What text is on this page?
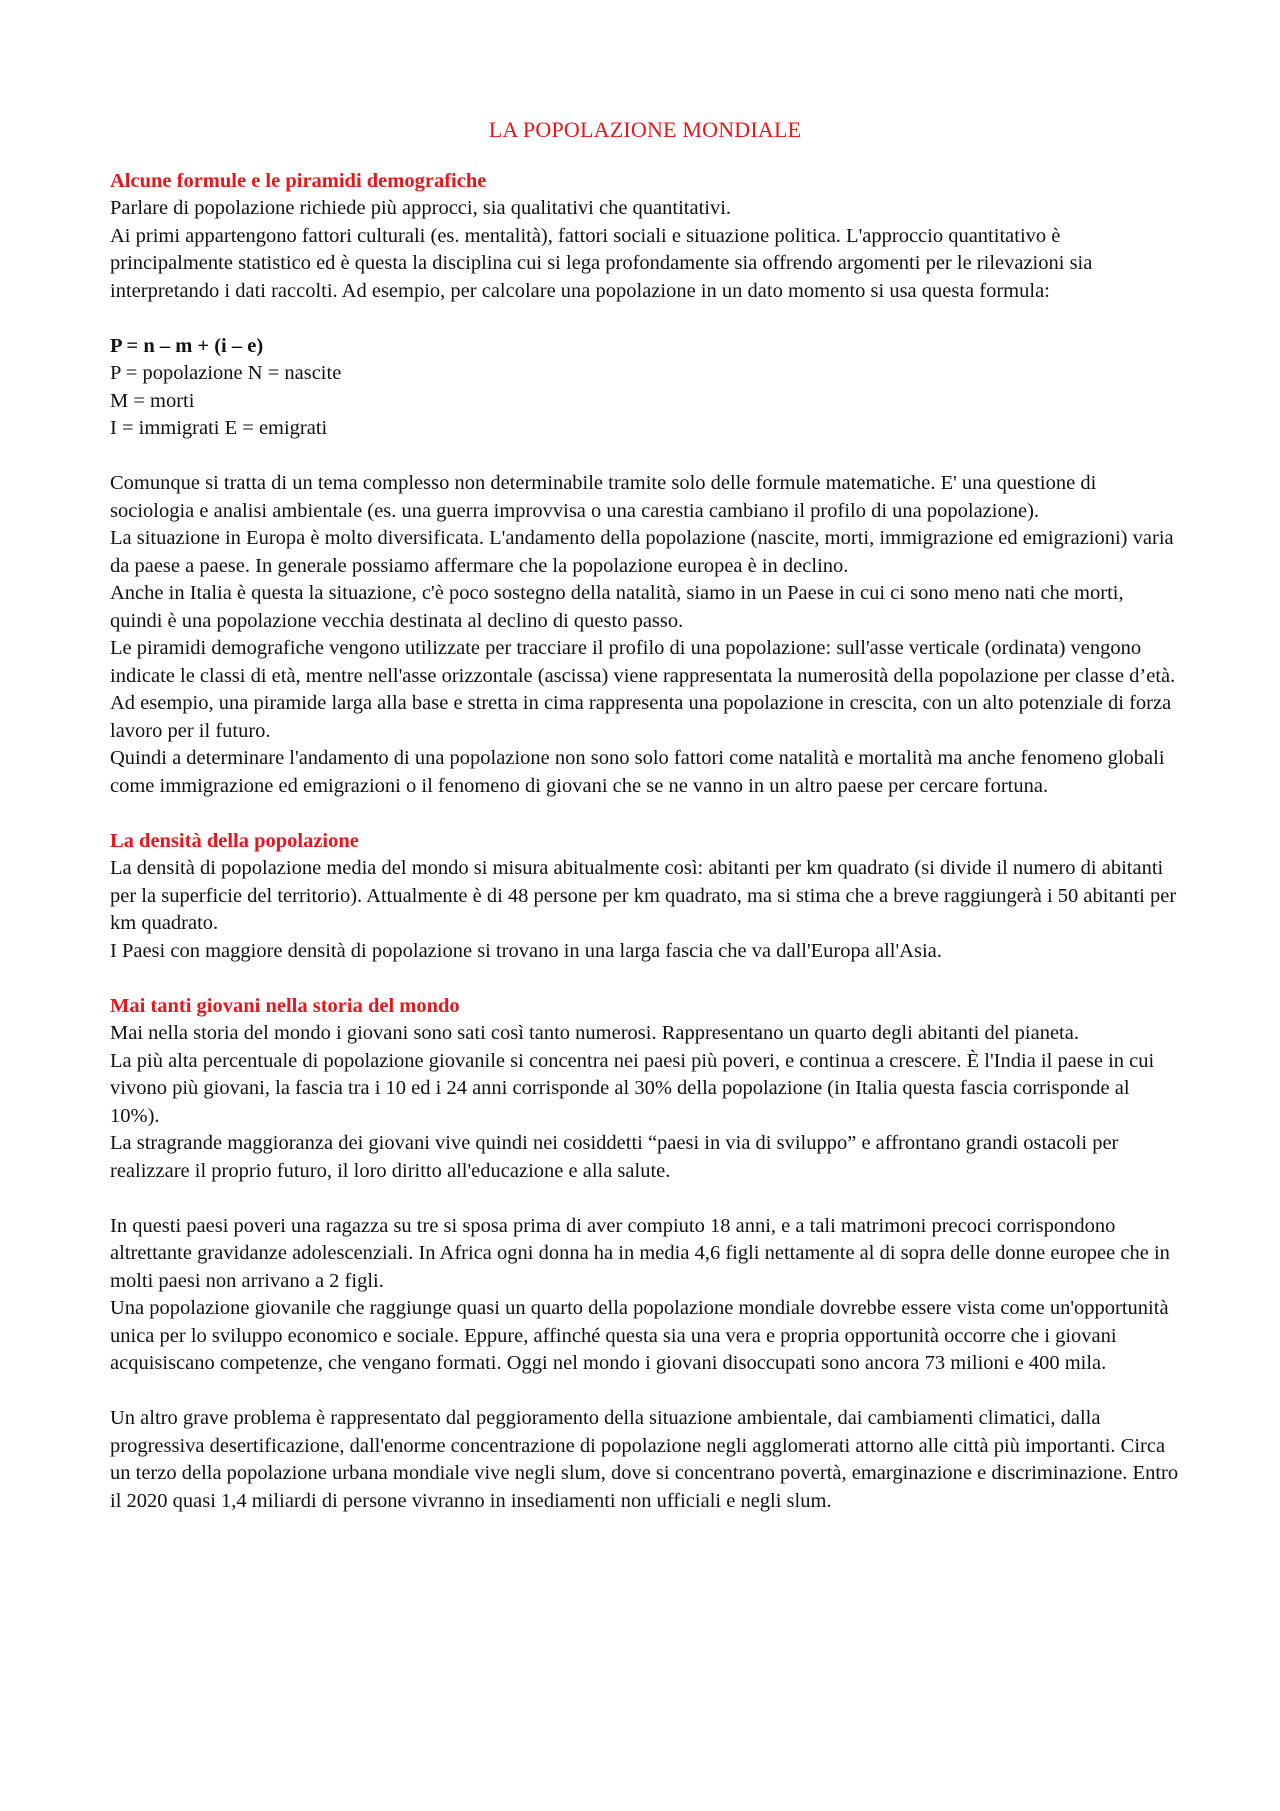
LA POPOLAZIONE MONDIALE

Alcune formule e le piramidi demografiche

Parlare di popolazione richiede più approcci, sia qualitativi che quantitativi.

Ai primi appartengono fattori culturali (es. mentalità), fattori sociali e situazione politica. L'approccio quantitativo è principalmente statistico ed è questa la disciplina cui si lega profondamente sia offrendo argomenti per le rilevazioni sia interpretando i dati raccolti. Ad esempio, per calcolare una popolazione in un dato momento si usa questa formula:

P = n – m + (i – e)

P = popolazione N = nascite

M = morti

I = immigrati E = emigrati

Comunque si tratta di un tema complesso non determinabile tramite solo delle formule matematiche. E' una questione di sociologia e analisi ambientale (es. una guerra improvvisa o una carestia cambiano il profilo di una popolazione).

La situazione in Europa è molto diversificata. L'andamento della popolazione (nascite, morti, immigrazione ed emigrazioni) varia da paese a paese. In generale possiamo affermare che la popolazione europea è in declino.

Anche in Italia è questa la situazione, c'è poco sostegno della natalità, siamo in un Paese in cui ci sono meno nati che morti, quindi è una popolazione vecchia destinata al declino di questo passo.

Le piramidi demografiche vengono utilizzate per tracciare il profilo di una popolazione: sull'asse verticale (ordinata) vengono indicate le classi di età, mentre nell'asse orizzontale (ascissa) viene rappresentata la numerosità della popolazione per classe d’età. Ad esempio, una piramide larga alla base e stretta in cima rappresenta una popolazione in crescita, con un alto potenziale di forza lavoro per il futuro.

Quindi a determinare l'andamento di una popolazione non sono solo fattori come natalità e mortalità ma anche fenomeno globali come immigrazione ed emigrazioni o il fenomeno di giovani che se ne vanno in un altro paese per cercare fortuna.

La densità della popolazione

La densità di popolazione media del mondo si misura abitualmente così: abitanti per km quadrato (si divide il numero di abitanti per la superficie del territorio). Attualmente è di 48 persone per km quadrato, ma si stima che a breve raggiungerà i 50 abitanti per km quadrato.

I Paesi con maggiore densità di popolazione si trovano in una larga fascia che va dall'Europa all'Asia.

Mai tanti giovani nella storia del mondo

Mai nella storia del mondo i giovani sono sati così tanto numerosi. Rappresentano un quarto degli abitanti del pianeta.

La più alta percentuale di popolazione giovanile si concentra nei paesi più poveri, e continua a crescere. È l'India il paese in cui vivono più giovani, la fascia tra i 10 ed i 24 anni corrisponde al 30% della popolazione (in Italia questa fascia corrisponde al 10%).

La stragrande maggioranza dei giovani vive quindi nei cosiddetti “paesi in via di sviluppo” e affrontano grandi ostacoli per realizzare il proprio futuro, il loro diritto all'educazione e alla salute.

In questi paesi poveri una ragazza su tre si sposa prima di aver compiuto 18 anni, e a tali matrimoni precoci corrispondono altrettante gravidanze adolescenziali. In Africa ogni donna ha in media 4,6 figli nettamente al di sopra delle donne europee che in molti paesi non arrivano a 2 figli.

Una popolazione giovanile che raggiunge quasi un quarto della popolazione mondiale dovrebbe essere vista come un'opportunità unica per lo sviluppo economico e sociale. Eppure, affinché questa sia una vera e propria opportunità occorre che i giovani acquisiscano competenze, che vengano formati. Oggi nel mondo i giovani disoccupati sono ancora 73 milioni e 400 mila.

Un altro grave problema è rappresentato dal peggioramento della situazione ambientale, dai cambiamenti climatici, dalla progressiva desertificazione, dall'enorme concentrazione di popolazione negli agglomerati attorno alle città più importanti. Circa un terzo della popolazione urbana mondiale vive negli slum, dove si concentrano povertà, emarginazione e discriminazione. Entro il 2020 quasi 1,4 miliardi di persone vivranno in insediamenti non ufficiali e negli slum.
